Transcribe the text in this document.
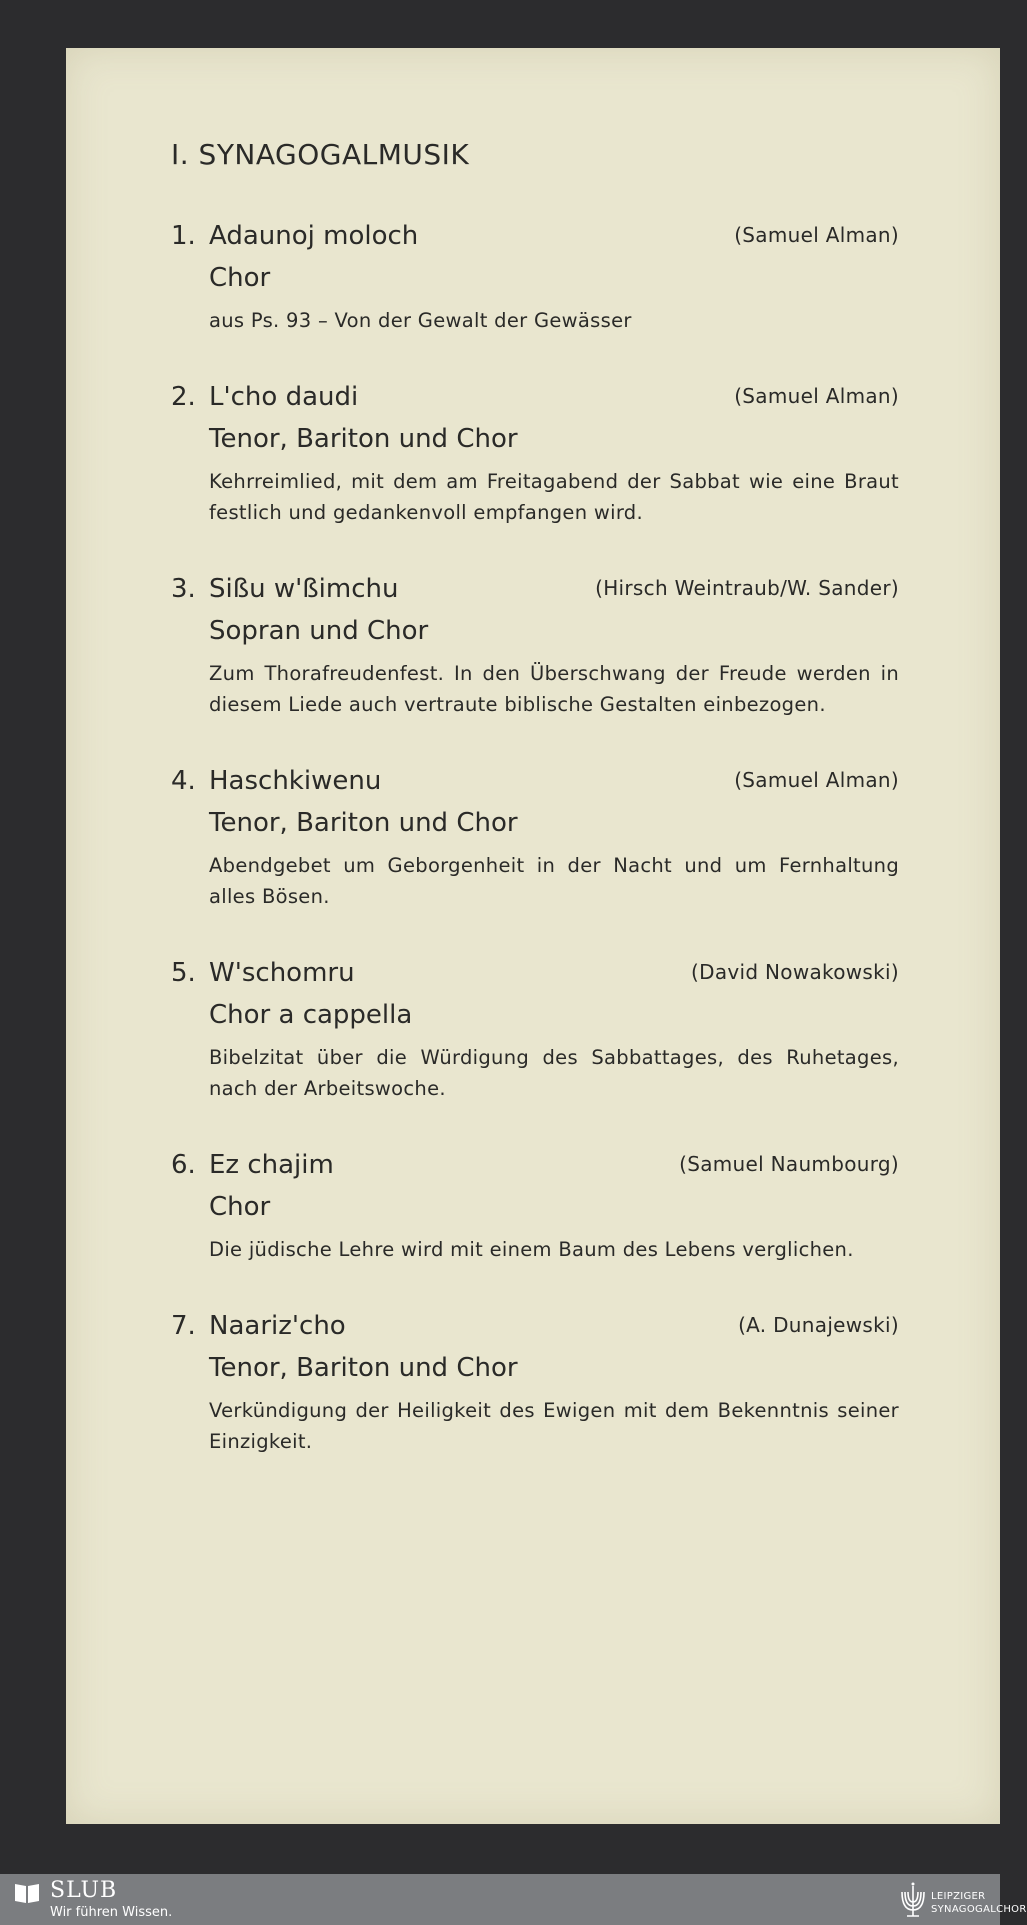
I. SYNAGOGALMUSIK
1. Adaunoj moloch	(Samuel Alman)
Chor
aus Ps. 93 – Von der Gewalt der Gewässer
2. L'cho daudi	(Samuel Alman)
Tenor, Bariton und Chor
Kehrreimlied, mit dem am Freitagabend der Sabbat wie eine Braut festlich und gedankenvoll empfangen wird.
3. Sißu w'ßimchu	(Hirsch Weintraub/W. Sander)
Sopran und Chor
Zum Thorafreudenfest. In den Überschwang der Freude werden in diesem Liede auch vertraute biblische Gestalten einbezogen.
4. Haschkiwenu	(Samuel Alman)
Tenor, Bariton und Chor
Abendgebet um Geborgenheit in der Nacht und um Fernhaltung alles Bösen.
5. W'schomru	(David Nowakowski)
Chor a cappella
Bibelzitat über die Würdigung des Sabbattages, des Ruhetages, nach der Arbeitswoche.
6. Ez chajim	(Samuel Naumbourg)
Chor
Die jüdische Lehre wird mit einem Baum des Lebens verglichen.
7. Naariz'cho	(A. Dunajewski)
Tenor, Bariton und Chor
Verkündigung der Heiligkeit des Ewigen mit dem Bekenntnis seiner Einzigkeit.
SLUB
Wir führen Wissen.
LEIPZIGER
SYNAGOGALCHOR
